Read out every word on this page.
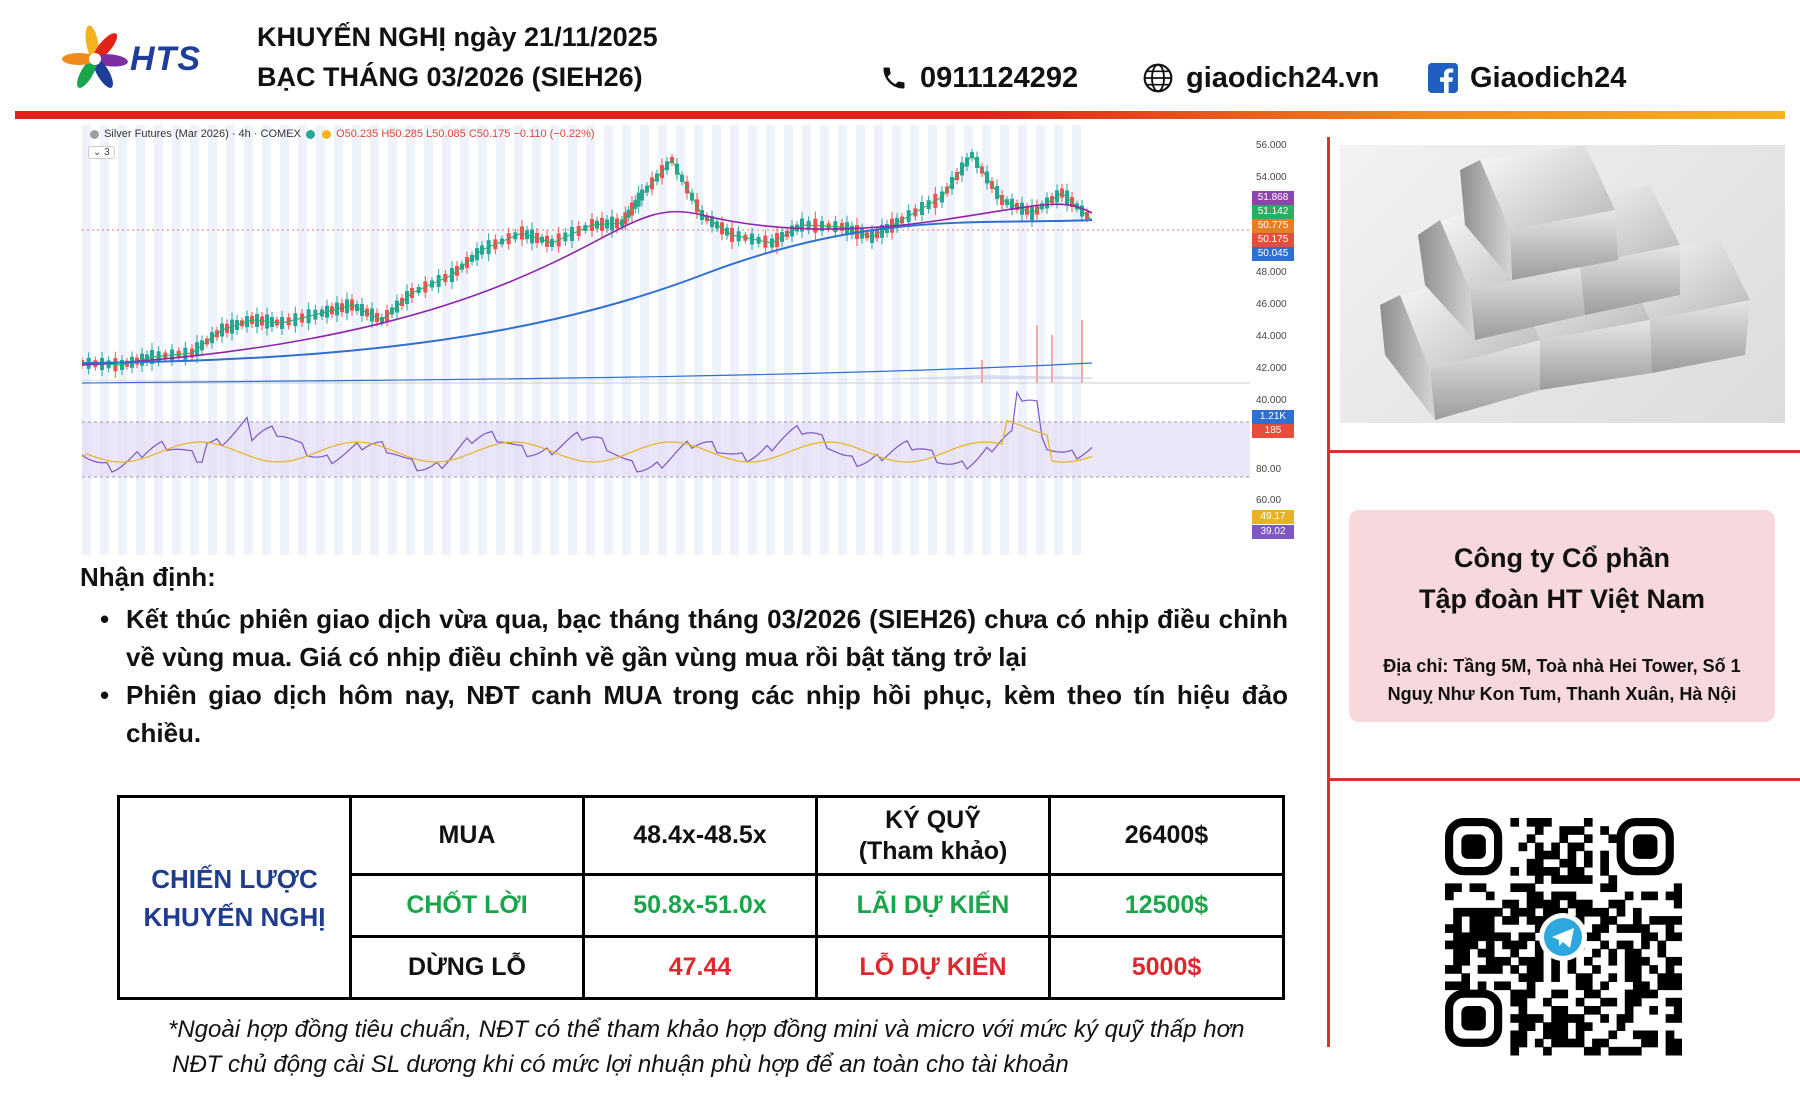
HTS
KHUYẾN NGHỊ ngày 21/11/2025
BẠC THÁNG 03/2026 (SIEH26)	0911124292	giaodich24.vn	Giaodich24
Silver Futures (Mar 2026) · 4h · COMEX	O50.235 H50.285 L50.085 C50.175 −0.110 (−0.22%)
⌄ 3
56.000
54.000
48.000
46.000
44.000
42.000
40.000
51.868
51.142
50.775
50.175
50.045
1.21K
185
80.00
60.00
49.17
39.02
Nhận định:
• Kết thúc phiên giao dịch vừa qua, bạc tháng tháng 03/2026 (SIEH26) chưa có nhịp điều chỉnh về vùng mua. Giá có nhịp điều chỉnh về gần vùng mua rồi bật tăng trở lại
• Phiên giao dịch hôm nay, NĐT canh MUA trong các nhịp hồi phục, kèm theo tín hiệu đảo chiều.
CHIẾN LƯỢC KHUYẾN NGHỊ	MUA	48.4x-48.5x	KÝ QUỸ (Tham khảo)	26400$
	CHỐT LỜI	50.8x-51.0x	LÃI DỰ KIẾN	12500$
	DỪNG LỖ	47.44	LỖ DỰ KIẾN	5000$
*Ngoài hợp đồng tiêu chuẩn, NĐT có thể tham khảo hợp đồng mini và micro với mức ký quỹ thấp hơn
NĐT chủ động cài SL dương khi có mức lợi nhuận phù hợp để an toàn cho tài khoản
Công ty Cổ phần
Tập đoàn HT Việt Nam
Địa chỉ: Tầng 5M, Toà nhà Hei Tower, Số 1
Nguỵ Như Kon Tum, Thanh Xuân, Hà Nội
